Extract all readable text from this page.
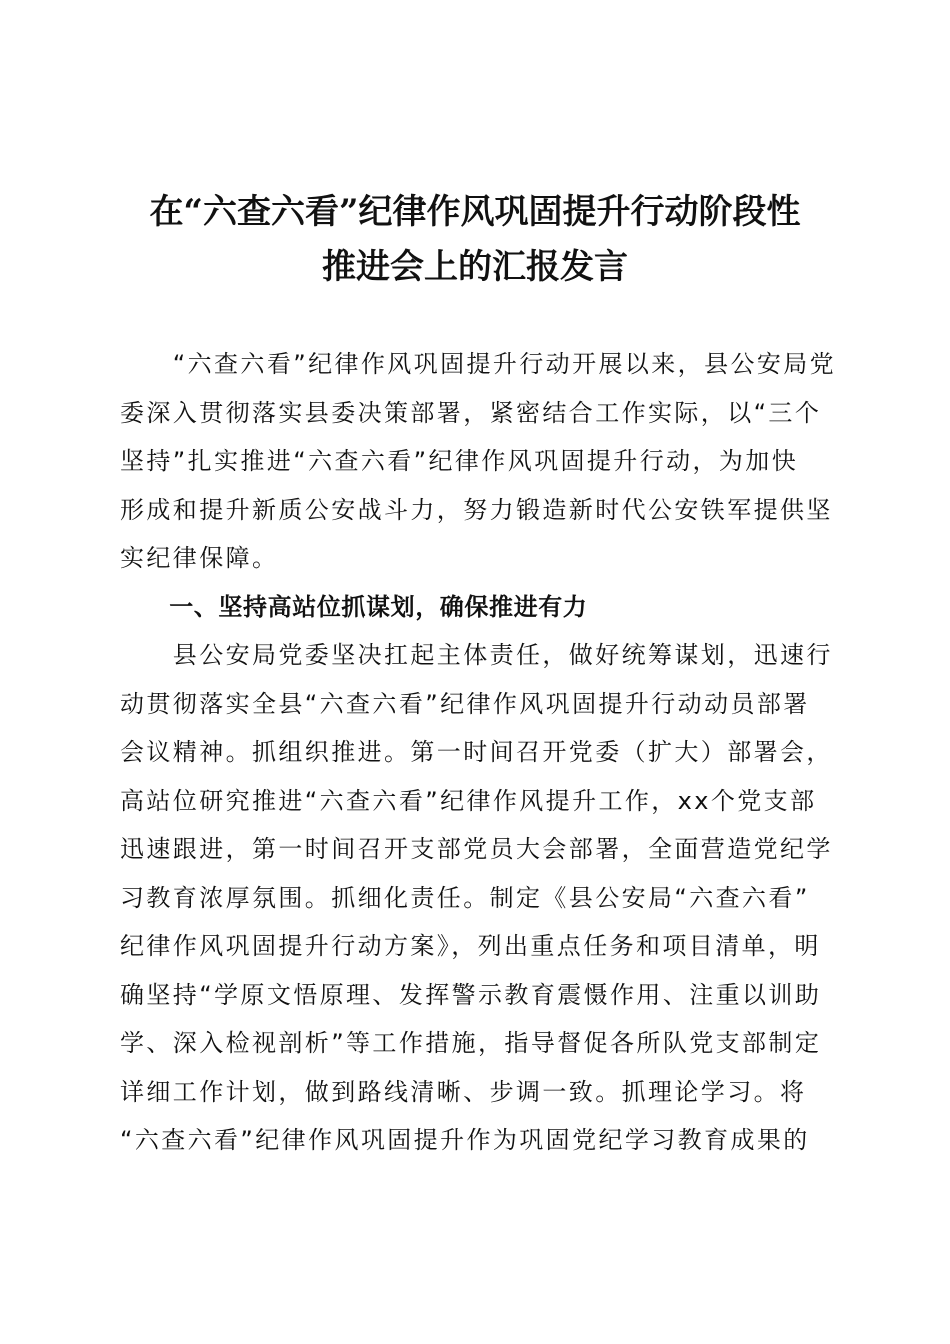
在“六查六看”纪律作风巩固提升行动阶段性
推进会上的汇报发言
　　“六查六看”纪律作风巩固提升行动开展以来，县公安局党
委深入贯彻落实县委决策部署，紧密结合工作实际，以“三个
坚持”扎实推进“六查六看”纪律作风巩固提升行动，为加快
形成和提升新质公安战斗力，努力锻造新时代公安铁军提供坚
实纪律保障。
　　一、坚持高站位抓谋划，确保推进有力
　　县公安局党委坚决扛起主体责任，做好统筹谋划，迅速行
动贯彻落实全县“六查六看”纪律作风巩固提升行动动员部署
会议精神。抓组织推进。第一时间召开党委（扩大）部署会，
高站位研究推进“六查六看”纪律作风提升工作，xx个党支部
迅速跟进，第一时间召开支部党员大会部署，全面营造党纪学
习教育浓厚氛围。抓细化责任。制定《县公安局“六查六看”
纪律作风巩固提升行动方案》，列出重点任务和项目清单，明
确坚持“学原文悟原理、发挥警示教育震慑作用、注重以训助
学、深入检视剖析”等工作措施，指导督促各所队党支部制定
详细工作计划，做到路线清晰、步调一致。抓理论学习。将
“六查六看”纪律作风巩固提升作为巩固党纪学习教育成果的
